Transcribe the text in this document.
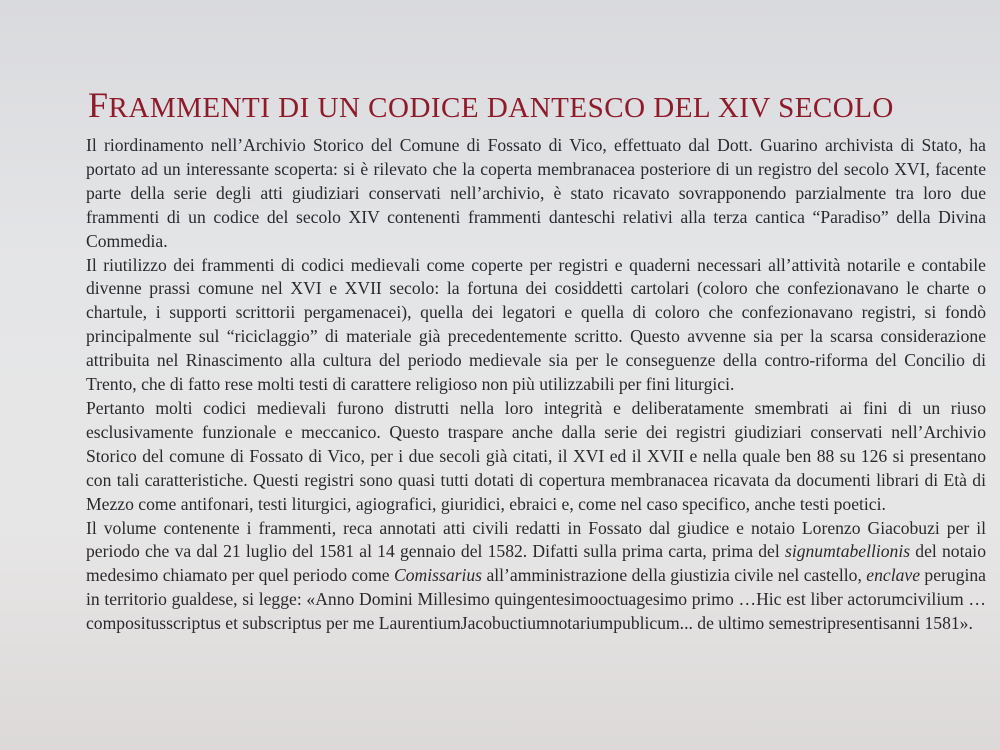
FRAMMENTI DI UN CODICE DANTESCO DEL XIV SECOLO

Il riordinamento nell’Archivio Storico del Comune di Fossato di Vico, effettuato dal Dott. Guarino archivista di Stato, ha portato ad un interessante scoperta: si è rilevato che la coperta membranacea posteriore di un registro del secolo XVI, facente parte della serie degli atti giudiziari conservati nell’archivio, è stato ricavato sovrapponendo parzialmente tra loro due frammenti di un codice del secolo XIV contenenti frammenti danteschi relativi alla terza cantica “Paradiso” della Divina Commedia.

Il riutilizzo dei frammenti di codici medievali come coperte per registri e quaderni necessari all’attività notarile e contabile divenne prassi comune nel XVI e XVII secolo: la fortuna dei cosiddetti cartolari (coloro che confezionavano le charte o chartule, i supporti scrittorii pergamenacei), quella dei legatori e quella di coloro che confezionavano registri, si fondò principalmente sul “riciclaggio” di materiale già precedentemente scritto. Questo avvenne sia per la scarsa considerazione attribuita nel Rinascimento alla cultura del periodo medievale sia per le conseguenze della contro-riforma del Concilio di Trento, che di fatto rese molti testi di carattere religioso non più utilizzabili per fini liturgici.

Pertanto molti codici medievali furono distrutti nella loro integrità e deliberatamente smembrati ai fini di un riuso esclusivamente funzionale e meccanico. Questo traspare anche dalla serie dei registri giudiziari conservati nell’Archivio Storico del comune di Fossato di Vico, per i due secoli già citati, il XVI ed il XVII e nella quale ben 88 su 126 si presentano con tali caratteristiche. Questi registri sono quasi tutti dotati di copertura membranacea ricavata da documenti librari di Età di Mezzo come antifonari, testi liturgici, agiografici, giuridici, ebraici e, come nel caso specifico, anche testi poetici.

Il volume contenente i frammenti, reca annotati atti civili redatti in Fossato dal giudice e notaio Lorenzo Giacobuzi per il periodo che va dal 21 luglio del 1581 al 14 gennaio del 1582. Difatti sulla prima carta, prima del signumtabellionis del notaio medesimo chiamato per quel periodo come Comissarius all’amministrazione della giustizia civile nel castello, enclave perugina in territorio gualdese, si legge: «Anno Domini Millesimo quingentesimooctuagesimo primo …Hic est liber actorumcivilium …compositusscriptus et subscriptus per me LaurentiumJacobuctiumnotariumpublicum... de ultimo semestripresentisanni 1581».
